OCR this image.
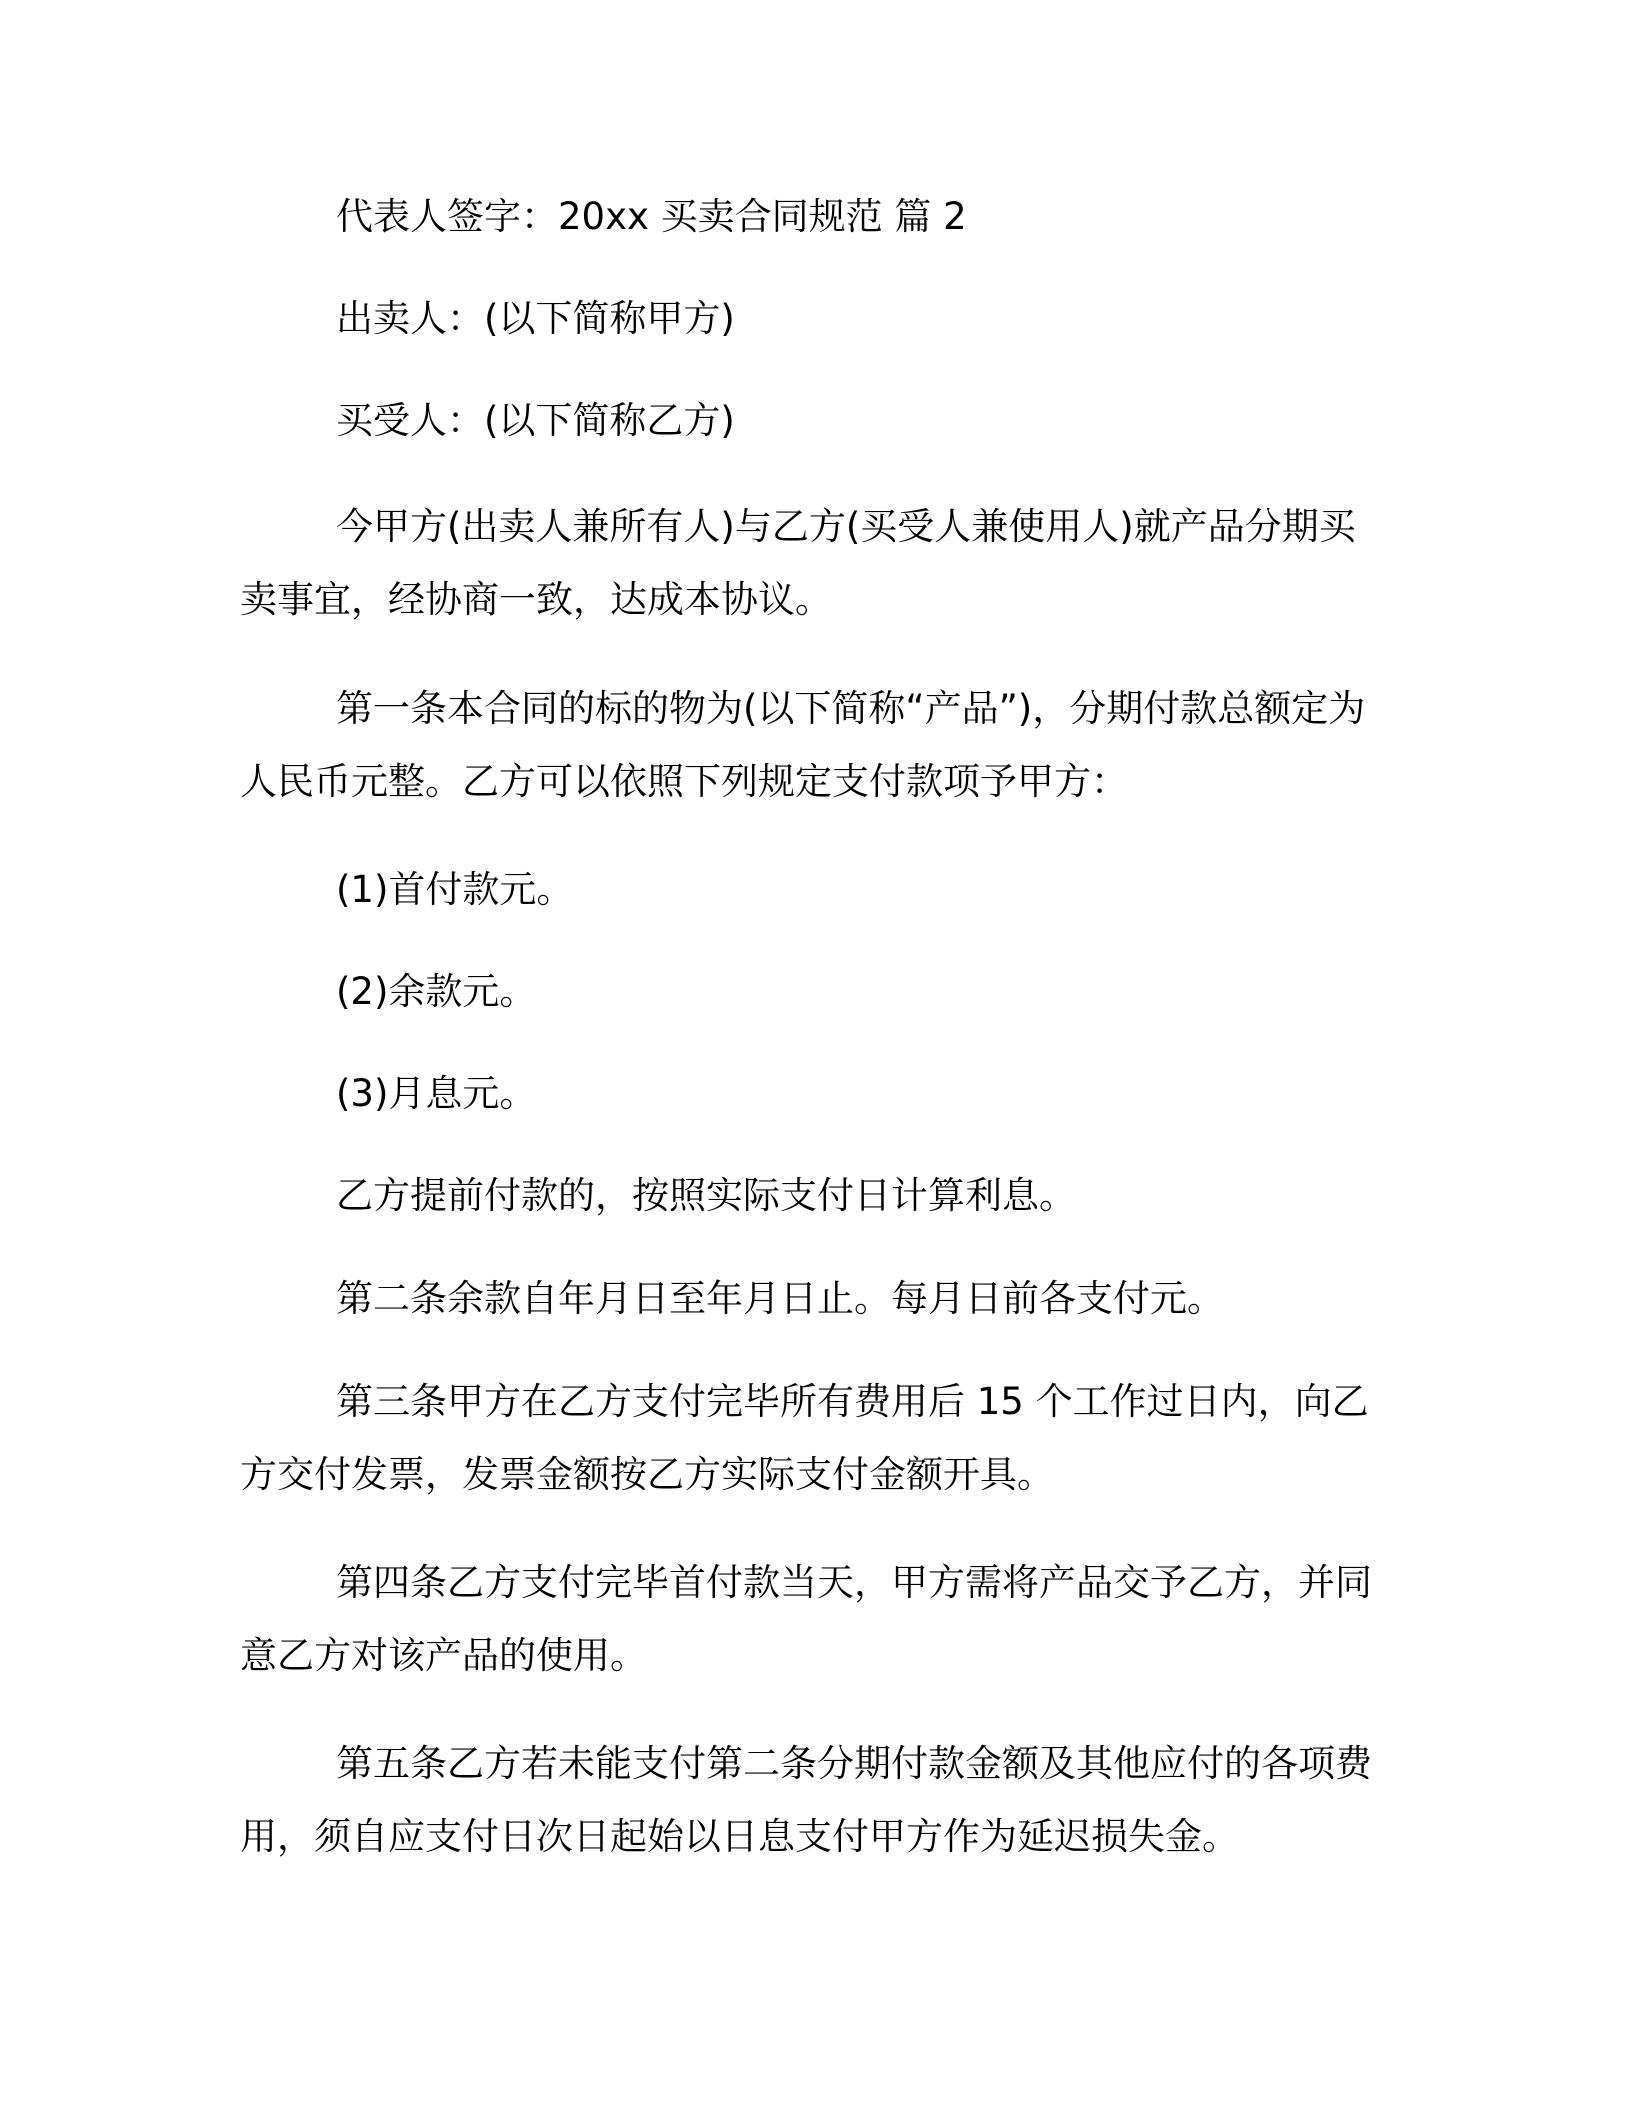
代表人签字：20xx 买卖合同规范 篇 2

出卖人：(以下简称甲方)

买受人：(以下简称乙方)

今甲方(出卖人兼所有人)与乙方(买受人兼使用人)就产品分期买卖事宜，经协商一致，达成本协议。

第一条本合同的标的物为(以下简称“产品”)，分期付款总额定为人民币元整。乙方可以依照下列规定支付款项予甲方：

(1)首付款元。

(2)余款元。

(3)月息元。

乙方提前付款的，按照实际支付日计算利息。

第二条余款自年月日至年月日止。每月日前各支付元。

第三条甲方在乙方支付完毕所有费用后 15 个工作过日内，向乙方交付发票，发票金额按乙方实际支付金额开具。

第四条乙方支付完毕首付款当天，甲方需将产品交予乙方，并同意乙方对该产品的使用。

第五条乙方若未能支付第二条分期付款金额及其他应付的各项费用，须自应支付日次日起始以日息支付甲方作为延迟损失金。
